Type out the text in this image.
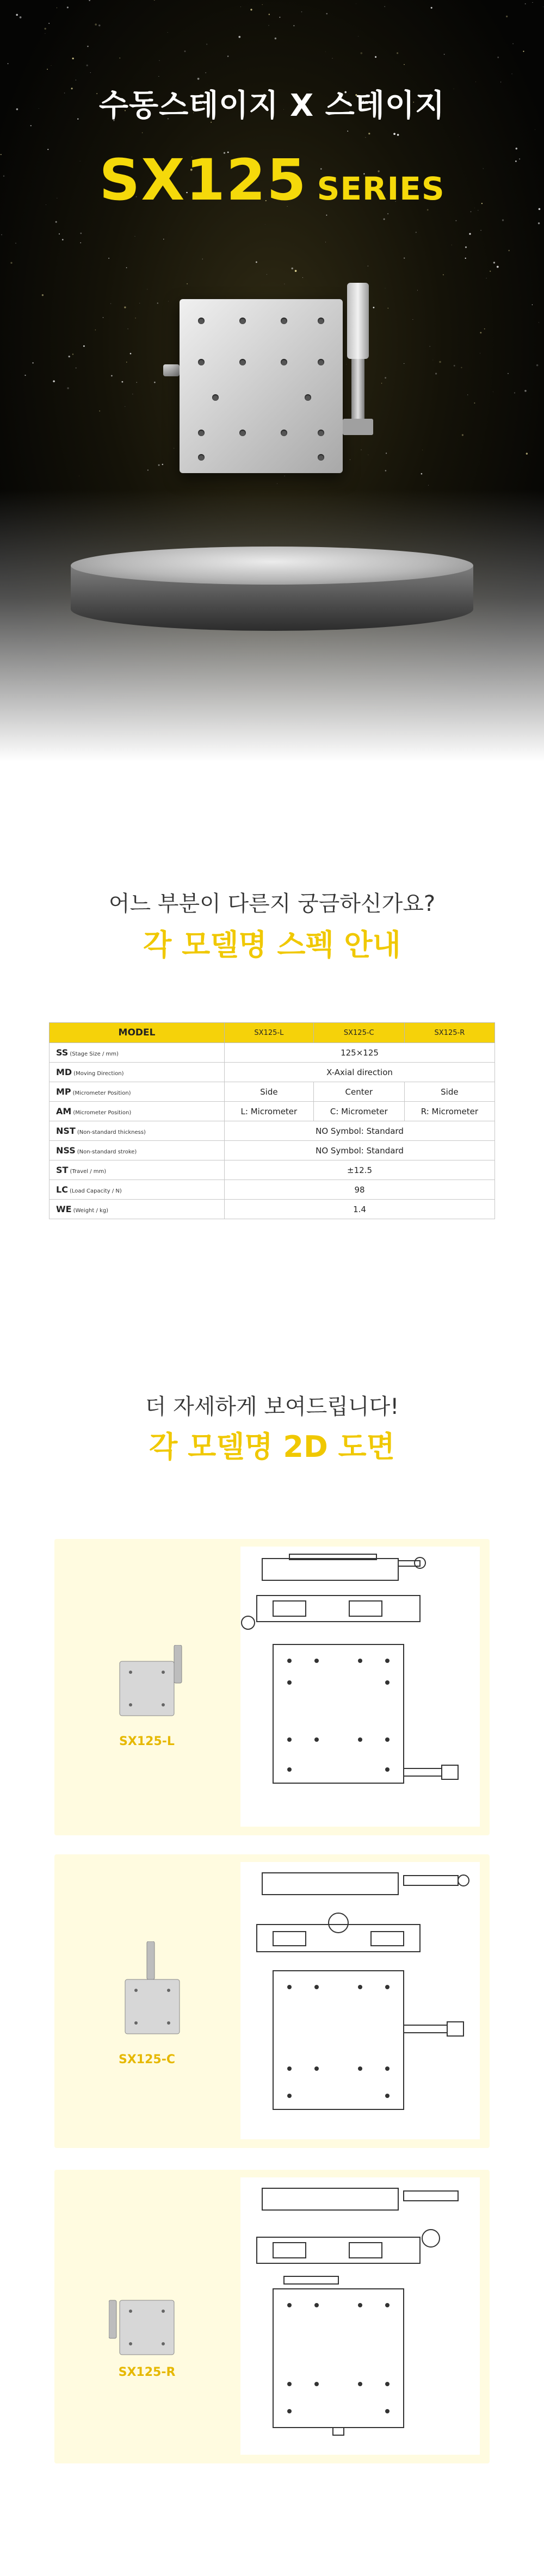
수동스테이지 X 스테이지
SX125 SERIES
어느 부분이 다른지 궁금하신가요?
각 모델명 스펙 안내
MODEL	SX125-L	SX125-C	SX125-R
SS (Stage Size / mm)	125×125		
MD (Moving Direction)	X-Axial direction		
MP (Micrometer Position)	Side	Center	Side
AM (Micrometer Position)	L: Micrometer	C: Micrometer	R: Micrometer
NST (Non-standard thickness)	NO Symbol: Standard		
NSS (Non-standard stroke)	NO Symbol: Standard		
ST (Travel / mm)	±12.5		
LC (Load Capacity / N)	98		
WE (Weight / kg)	1.4		
더 자세하게 보여드립니다!
각 모델명 2D 도면
SX125-L
SX125-C
SX125-R
